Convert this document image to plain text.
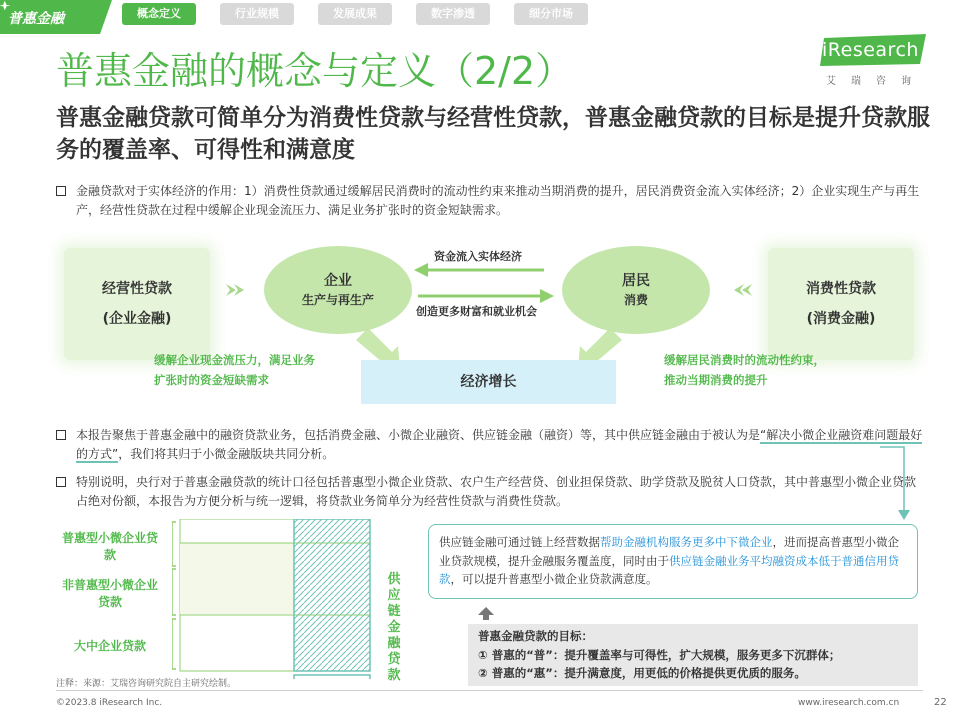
普惠金融	概念定义	行业规模	发展成果	数字渗透	细分市场
iResearch
艾瑞咨询
普惠金融的概念与定义（2/2）
普惠金融贷款可简单分为消费性贷款与经营性贷款，普惠金融贷款的目标是提升贷款服务的覆盖率、可得性和满意度
金融贷款对于实体经济的作用：1）消费性贷款通过缓解居民消费时的流动性约束来推动当期消费的提升，居民消费资金流入实体经济；2）企业实现生产与再生产，经营性贷款在过程中缓解企业现金流压力、满足业务扩张时的资金短缺需求。
经营性贷款
(企业金融)
消费性贷款
(消费金融)
企业
生产与再生产
居民
消费
资金流入实体经济
创造更多财富和就业机会
缓解企业现金流压力，满足业务扩张时的资金短缺需求
缓解居民消费时的流动性约束，推动当期消费的提升
经济增长
本报告聚焦于普惠金融中的融资贷款业务，包括消费金融、小微企业融资、供应链金融（融资）等，其中供应链金融由于被认为是“解决小微企业融资难问题最好的方式”，我们将其归于小微金融版块共同分析。
特别说明，央行对于普惠金融贷款的统计口径包括普惠型小微企业贷款、农户生产经营贷、创业担保贷款、助学贷款及脱贫人口贷款，其中普惠型小微企业贷款占绝对份额，本报告为方便分析与统一逻辑，将贷款业务简单分为经营性贷款与消费性贷款。
普惠型小微企业贷款
非普惠型小微企业贷款
大中企业贷款
供应链金融贷款
供应链金融可通过链上经营数据帮助金融机构服务更多中下微企业，进而提高普惠型小微企业贷款规模，提升金融服务覆盖度，同时由于供应链金融业务平均融资成本低于普通信用贷款，可以提升普惠型小微企业贷款满意度。
普惠金融贷款的目标：
① 普惠的“普”：提升覆盖率与可得性，扩大规模，服务更多下沉群体；
② 普惠的“惠”：提升满意度，用更低的价格提供更优质的服务。
注释：来源：艾瑞咨询研究院自主研究绘制。
©2023.8 iResearch Inc.	www.iresearch.com.cn	22
